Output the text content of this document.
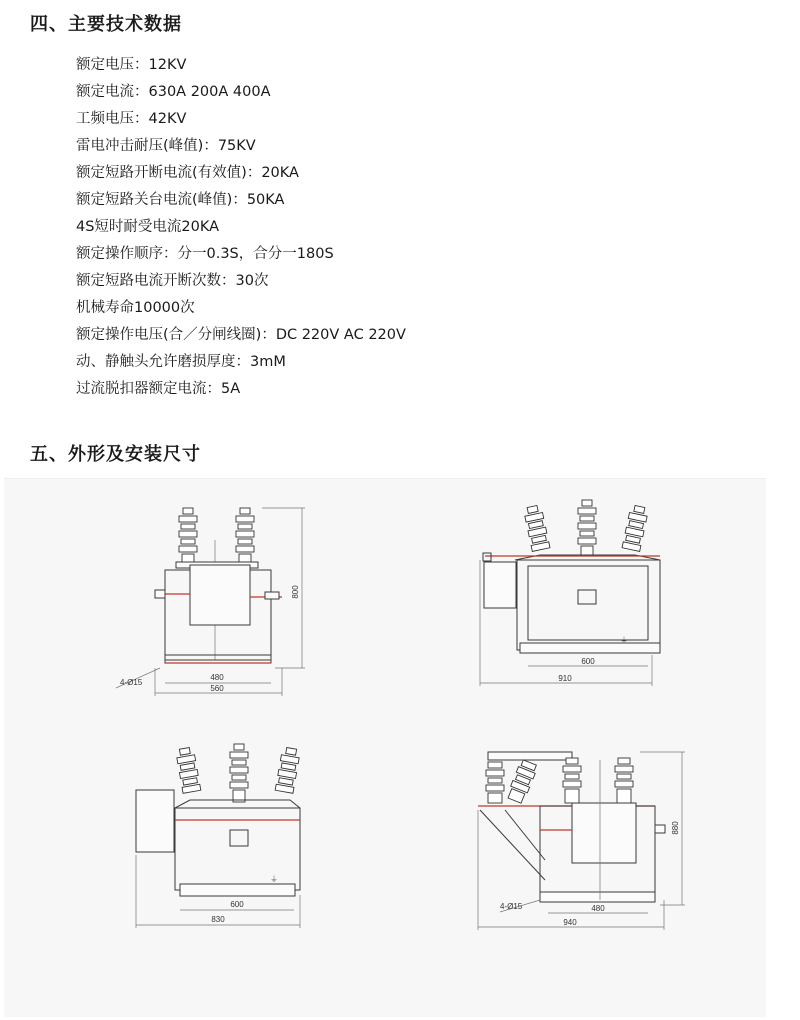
四、主要技术数据
额定电压：12KV
额定电流：630A 200A 400A
工频电压：42KV
雷电冲击耐压(峰值)：75KV
额定短路开断电流(有效值)：20KA
额定短路关台电流(峰值)：50KA
4S短时耐受电流20KA
额定操作顺序：分一0.3S，合分一180S
额定短路电流开断次数：30次
机械寿命10000次
额定操作电压(合／分闸线圈)：DC 220V AC 220V
动、静触头允许磨损厚度：3mM
过流脱扣器额定电流：5A
五、外形及安装尺寸
800
480
560
4-Ø15
⏚
600
910
⏚
600
830
880
480
940
4-Ø15
